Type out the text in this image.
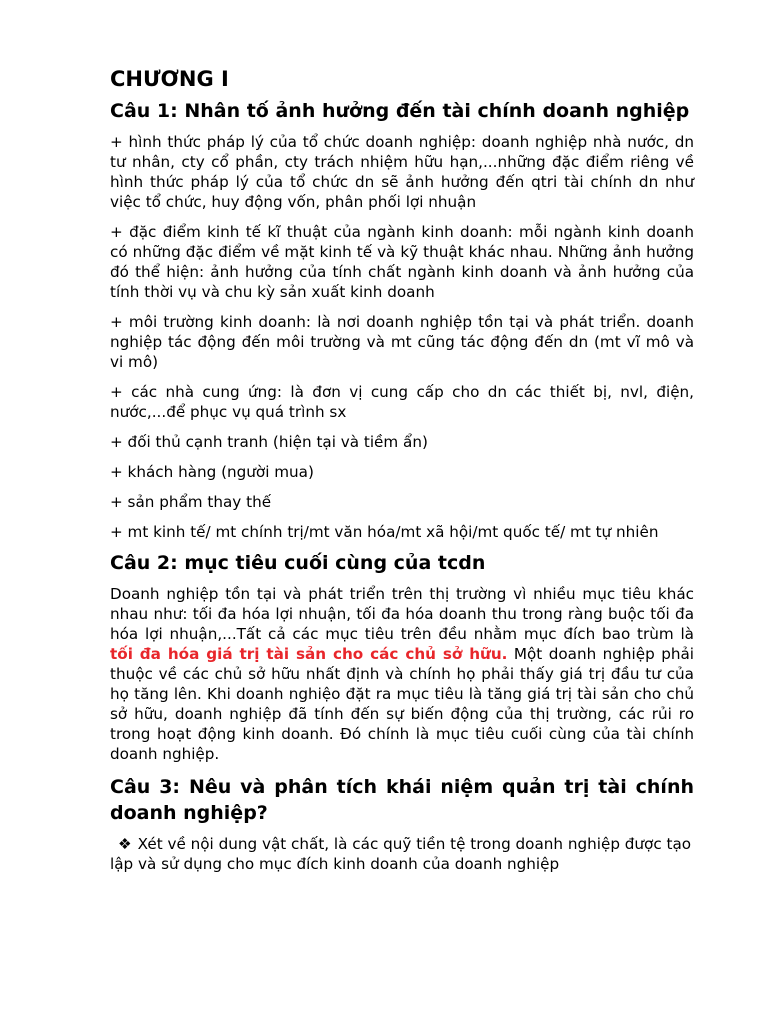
CHƯƠNG I
Câu 1: Nhân tố ảnh hưởng đến tài chính doanh nghiệp
+ hình thức pháp lý của tổ chức doanh nghiệp: doanh nghiệp nhà nước, dn tư nhân, cty cổ phần, cty trách nhiệm hữu hạn,...những đặc điểm riêng về hình thức pháp lý của tổ chức dn sẽ ảnh hưởng đến qtri tài chính dn như việc tổ chức, huy động vốn, phân phối lợi nhuận
+ đặc điểm kinh tế kĩ thuật của ngành kinh doanh: mỗi ngành kinh doanh có những đặc điểm về mặt kinh tế và kỹ thuật khác nhau. Những ảnh hưởng đó thể hiện: ảnh hưởng của tính chất ngành kinh doanh và ảnh hưởng của tính thời vụ và chu kỳ sản xuất kinh doanh
+ môi trường kinh doanh: là nơi doanh nghiệp tồn tại và phát triển. doanh nghiệp tác động đến môi trường và mt cũng tác động đến dn (mt vĩ mô và vi mô)
+ các nhà cung ứng: là đơn vị cung cấp cho dn các thiết bị, nvl, điện, nước,...để phục vụ quá trình sx
+ đối thủ cạnh tranh (hiện tại và tiềm ẩn)
+ khách hàng (người mua)
+ sản phẩm thay thế
+ mt kinh tế/ mt chính trị/mt văn hóa/mt xã hội/mt quốc tế/ mt tự nhiên
Câu 2: mục tiêu cuối cùng của tcdn
Doanh nghiệp tồn tại và phát triển trên thị trường vì nhiều mục tiêu khác nhau như: tối đa hóa lợi nhuận, tối đa hóa doanh thu trong ràng buộc tối đa hóa lợi nhuận,...Tất cả các mục tiêu trên đều nhằm mục đích bao trùm là tối đa hóa giá trị tài sản cho các chủ sở hữu. Một doanh nghiệp phải thuộc về các chủ sở hữu nhất định và chính họ phải thấy giá trị đầu tư của họ tăng lên. Khi doanh nghiệo đặt ra mục tiêu là tăng giá trị tài sản cho chủ sở hữu, doanh nghiệp đã tính đến sự biến động của thị trường, các rủi ro trong hoạt động kinh doanh. Đó chính là mục tiêu cuối cùng của tài chính doanh nghiệp.
Câu 3: Nêu và phân tích khái niệm quản trị tài chính doanh nghiệp?
❖ Xét về nội dung vật chất, là các quỹ tiền tệ trong doanh nghiệp được tạo lập và sử dụng cho mục đích kinh doanh của doanh nghiệp
